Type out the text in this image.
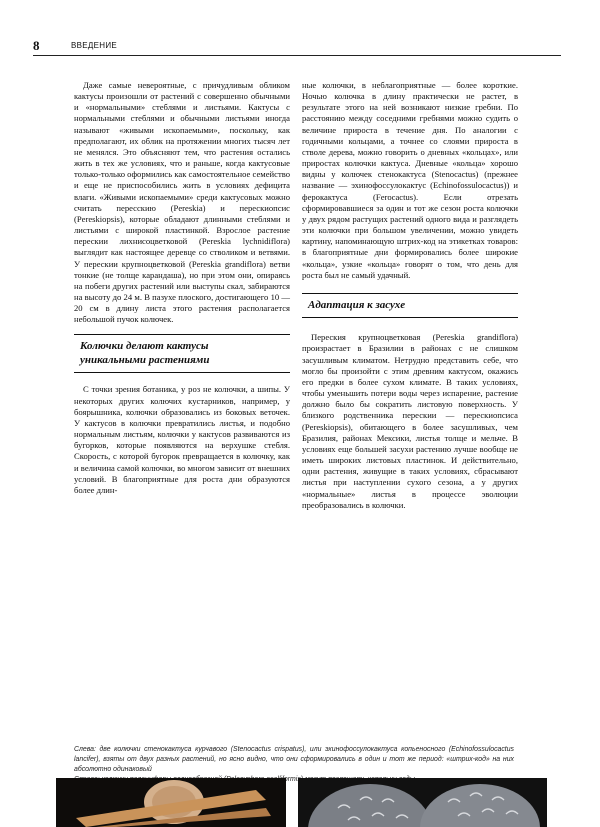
8	ВВЕДЕНИЕ

Даже самые невероятные, с причудливым обликом кактусы произошли от растений с совершенно обычными и «нормальными» стеблями и листьями. Кактусы с нормальными стеблями и обычными листьями иногда называют «живыми ископаемыми», поскольку, как предполагают, их облик на протяжении многих тысяч лет не менялся. Это объясняют тем, что растения остались жить в тех же условиях, что и раньше, когда кактусовые только-только оформились как самостоятельное семейство и еще не приспособились жить в условиях дефицита влаги. «Живыми ископаемыми» среди кактусовых можно считать пересскию (Pereskia) и перескиопсис (Pereskiopsis), которые обладают длинными стеблями и листьями с широкой пластинкой. Взрослое растение перескии лихнисоцветковой (Pereskia lychnidiflora) выглядит как настоящее деревце со стволиком и ветвями. У перескии крупноцветковой (Pereskia grandiflora) ветви тонкие (не толще карандаша), но при этом они, опираясь на побеги других растений или выступы скал, забираются на высоту до 24 м. В пазухе плоского, достигающего 10 — 20 см в длину листа этого растения располагается небольшой пучок колючек.

Колючки делают кактусы
уникальными растениями

С точки зрения ботаника, у роз не колючки, а шипы. У некоторых других колючих кустарников, например, у боярышника, колючки образовались из боковых веточек. У кактусов в колючки превратились листья, и подобно нормальным листьям, колючки у кактусов развиваются из бугорков, которые появляются на верхушке стебля. Скорость, с которой бугорок превращается в колючку, как и величина самой колючки, во многом зависит от внешних условий. В благоприятные для роста дни образуются более длин-

ные колючки, в неблагоприятные — более короткие. Ночью колючка в длину практически не растет, в результате этого на ней возникают низкие гребни. По расстоянию между соседними гребнями можно судить о величине прироста в течение дня. По аналогии с годичными кольцами, а точнее со слоями прироста в стволе дерева, можно говорить о дневных «кольцах», или приростах колючки кактуса. Дневные «кольца» хорошо видны у колючек стенокактуса (Stenocactus) (прежнее название — эхинофоссулокактус (Echinofossulocactus)) и ферокактуса (Ferocactus). Если отрезать сформировавшиеся за один и тот же сезон роста колючки у двух рядом растущих растений одного вида и разглядеть эти колючки при большом увеличении, можно увидеть картину, напоминающую штрих-код на этикетках товаров: в благоприятные дни формировались более широкие «кольца», узкие «кольца» говорят о том, что день для роста был не самый удачный.

Адаптация к засухе

Переския крупноцветковая (Pereskia grandiflora) произрастает в Бразилии в районах с не слишком засушливым климатом. Нетрудно представить себе, что могло бы произойти с этим древним кактусом, окажись его предки в более сухом климате. В таких условиях, чтобы уменьшить потери воды через испарение, растение должно было бы сократить листовую поверхность. У близкого родственника перескии — перескиопсиса (Pereskiopsis), обитающего в более засушливых, чем Бразилия, районах Мексики, листья толще и мельче. В условиях еще большей засухи растению лучше вообще не иметь широких листовых пластинок. И действительно, одни растения, живущие в таких условиях, сбрасывают листья при наступлении сухого сезона, а у других «нормальные» листья в процессе эволюции преобразовались в колючки.

Слева: две колючки стенокактуса курчавого (Stenocactus crispatus), или эхинофоссулокактуса копьеносного (Echinofossulocactus lancifer), взяты от двух разных растений, но ясно видно, что они сформировались в один и тот же период: «штрих-код» на них абсолютно одинаковый
